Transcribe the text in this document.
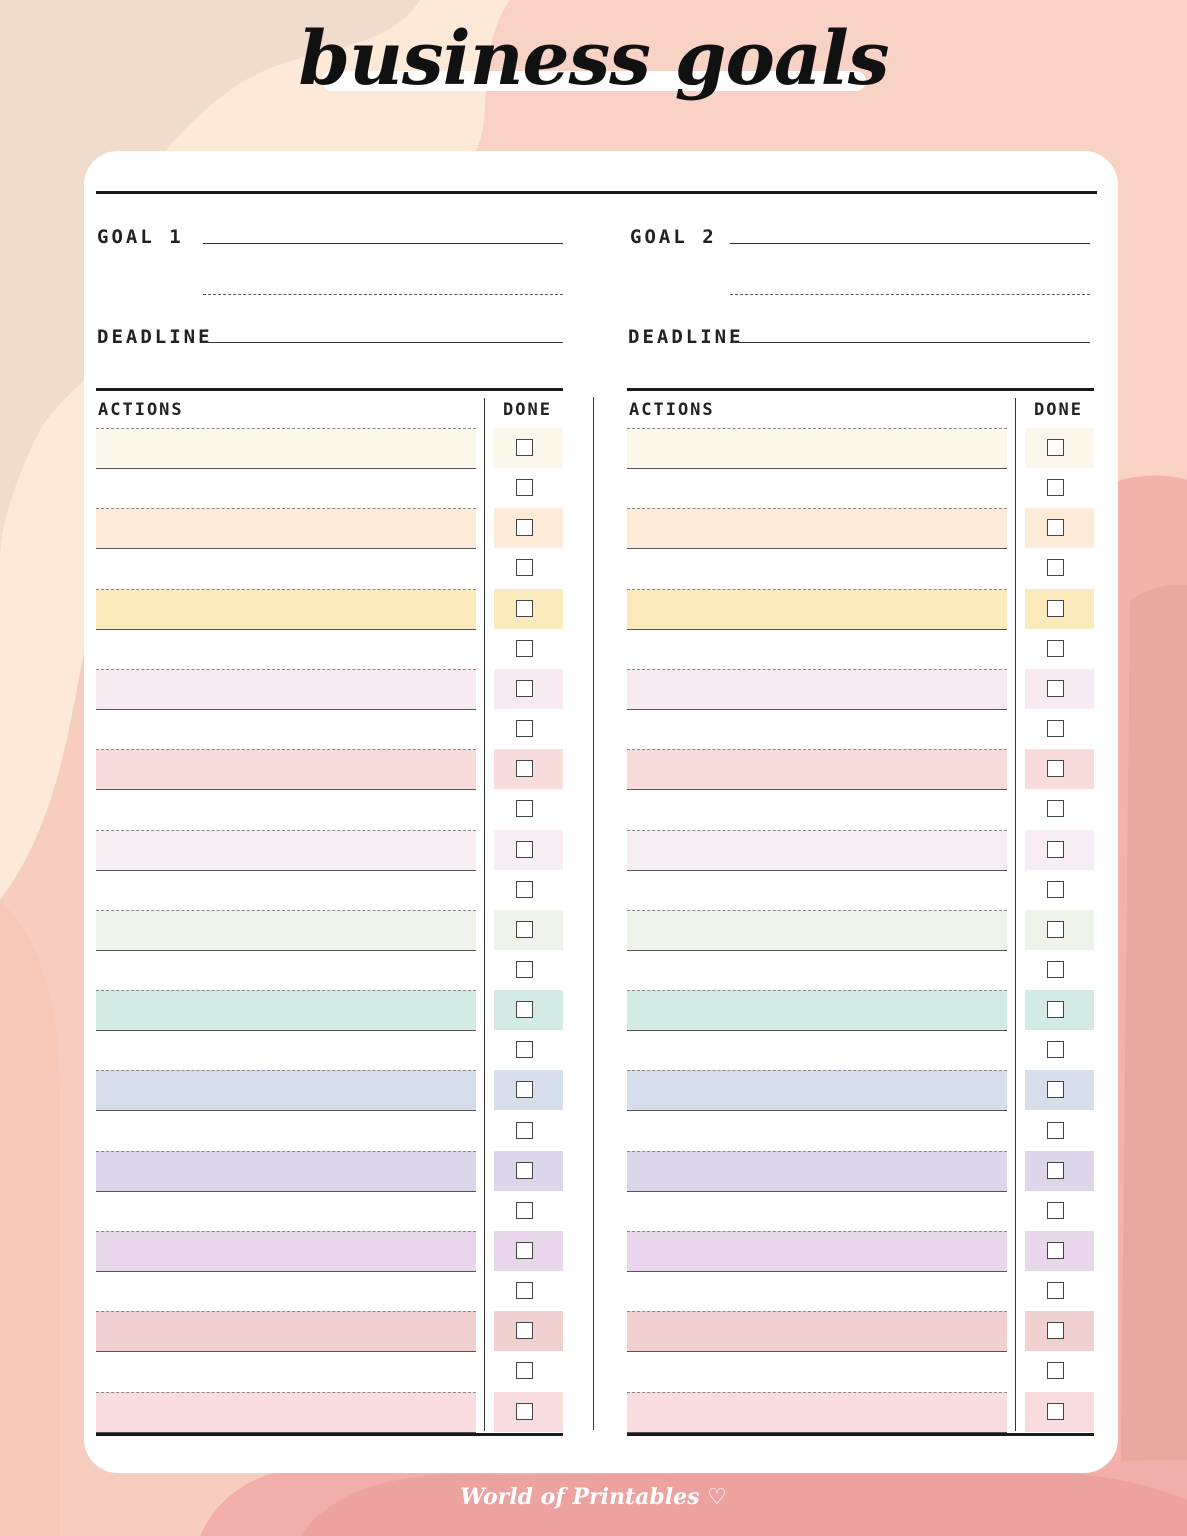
business goals
GOAL 1
DEADLINE
GOAL 2
DEADLINE
ACTIONS	DONE	ACTIONS	DONE
World of Printables ♡
